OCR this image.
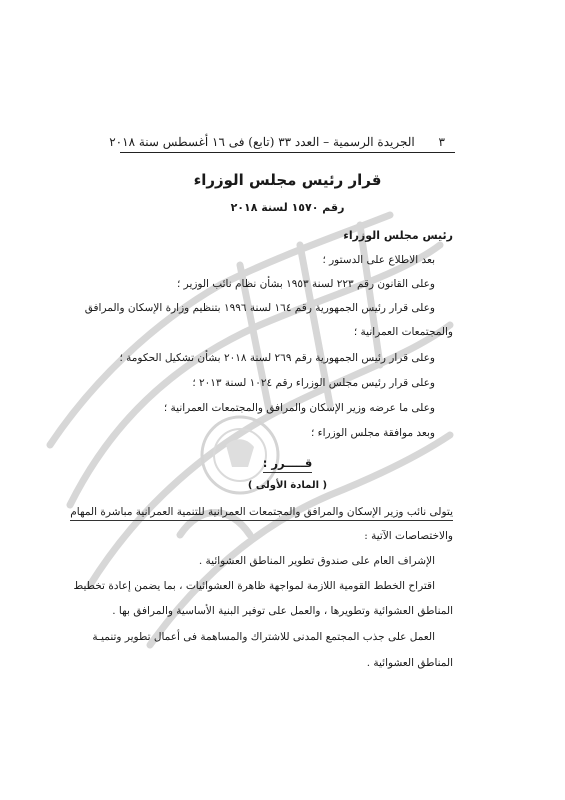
٣ الجريدة الرسمية – العدد ٣٣ (تابع) فى ١٦ أغسطس سنة ٢٠١٨
قرار رئيس مجلس الوزراء
رقم ١٥٧٠ لسنة ٢٠١٨
رئيس مجلس الوزراء
بعد الاطلاع على الدستور ؛
وعلى القانون رقم ٢٢٣ لسنة ١٩٥٣ بشأن نظام نائب الوزير ؛
وعلى قرار رئيس الجمهورية رقم ١٦٤ لسنة ١٩٩٦ بتنظيم وزارة الإسكان والمرافق
والمجتمعات العمرانية ؛
وعلى قرار رئيس الجمهورية رقم ٢٦٩ لسنة ٢٠١٨ بشأن تشكيل الحكومة ؛
وعلى قرار رئيس مجلس الوزراء رقم ١٠٢٤ لسنة ٢٠١٣ ؛
وعلى ما عرضه وزير الإسكان والمرافق والمجتمعات العمرانية ؛
وبعد موافقة مجلس الوزراء ؛
قـــــرر :
( المادة الأولى )
يتولى نائب وزير الإسكان والمرافق والمجتمعات العمرانية للتنمية العمرانية مباشرة المهام
والاختصاصات الآتية :
الإشراف العام على صندوق تطوير المناطق العشوائية .
اقتراح الخطط القومية اللازمة لمواجهة ظاهرة العشوائيات ، بما يضمن إعادة تخطيط
المناطق العشوائية وتطويرها ، والعمل على توفير البنية الأساسية والمرافق بها .
العمل على جذب المجتمع المدنى للاشتراك والمساهمة فى أعمال تطوير وتنميـة
المناطق العشوائية .
